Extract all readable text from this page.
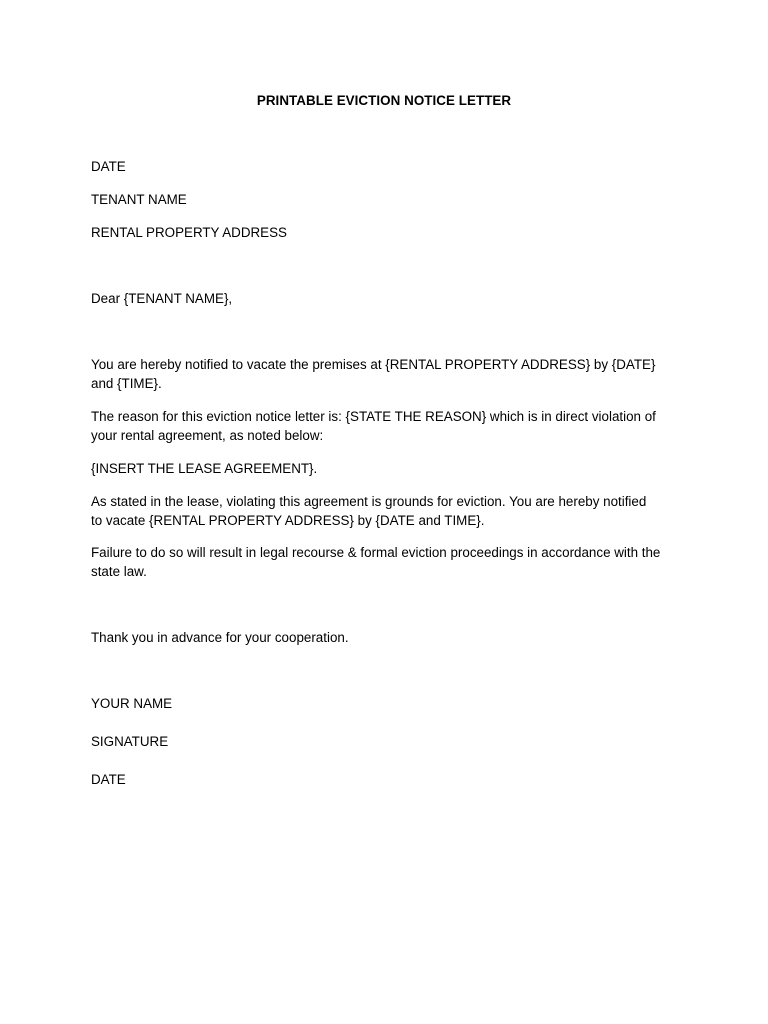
PRINTABLE EVICTION NOTICE LETTER
DATE
TENANT NAME
RENTAL PROPERTY ADDRESS
Dear {TENANT NAME},
You are hereby notified to vacate the premises at {RENTAL PROPERTY ADDRESS} by {DATE}
and {TIME}.
The reason for this eviction notice letter is: {STATE THE REASON} which is in direct violation of
your rental agreement, as noted below:
{INSERT THE LEASE AGREEMENT}.
As stated in the lease, violating this agreement is grounds for eviction. You are hereby notified
to vacate {RENTAL PROPERTY ADDRESS} by {DATE and TIME}.
Failure to do so will result in legal recourse & formal eviction proceedings in accordance with the
state law.
Thank you in advance for your cooperation.
YOUR NAME
SIGNATURE
DATE
